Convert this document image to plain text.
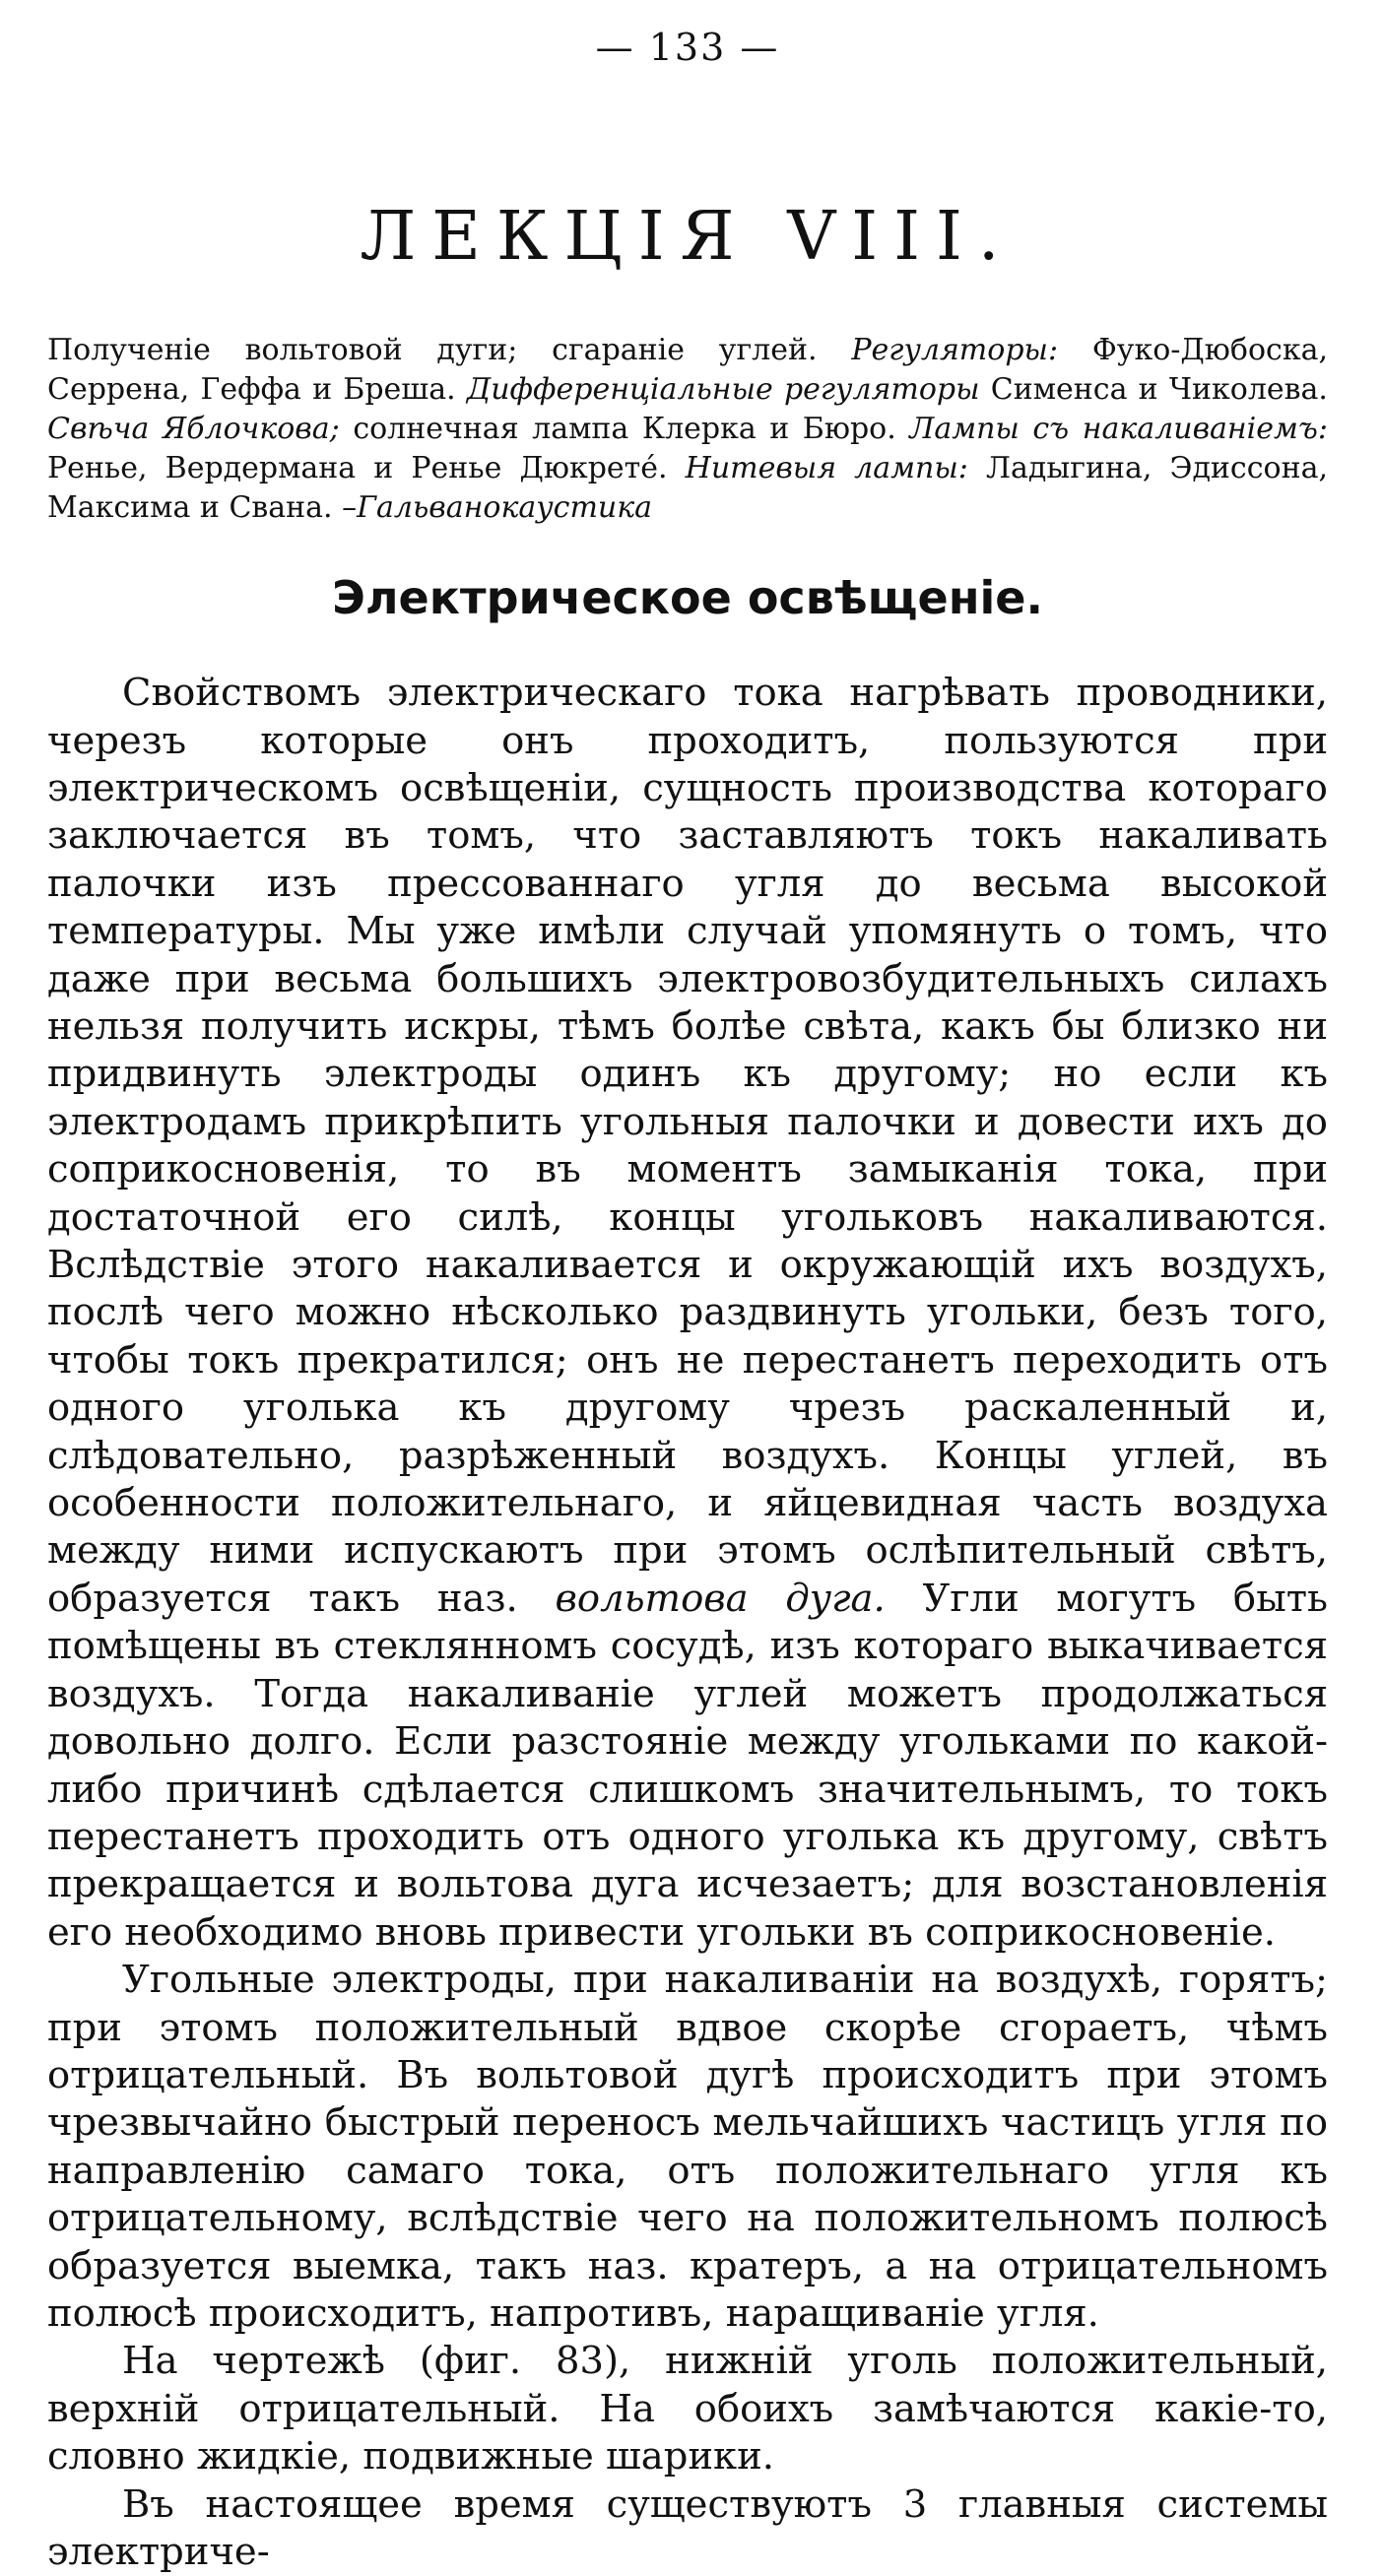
— 133 —
ЛЕКЦІЯ VIII.
Полученіе вольтовой дуги; сгараніе углей. Регуляторы: Фуко-Дюбоска, Серрена, Геффа и Бреша. Диффеpенціальные регуляторы Сименса и Чиколева. Свѣча Яблочкова; солнечная лампа Клерка и Бюро. Лампы съ накаливаніемъ: Ренье, Вердермана и Ренье Дюкретé. Нитевыя лампы: Ладыгина, Эдиссона, Максима и Свана. –Гальванокаустика
Электрическое освѣщеніе.

Свойствомъ электрическаго тока нагрѣвать проводники, черезъ которые онъ проходитъ, пользуются при электрическомъ освѣщеніи, сущность производства котораго заключается въ томъ, что заставляютъ токъ накаливать палочки изъ прессованнаго угля до весьма высокой температуры. Мы уже имѣли случай упомянуть о томъ, что даже при весьма большихъ электровозбудительныхъ силахъ нельзя получить искры, тѣмъ болѣе свѣта, какъ бы близко ни придвинуть электроды одинъ къ другому; но если къ электродамъ прикрѣпить угольныя палочки и довести ихъ до соприкосновенія, то въ моментъ замыканія тока, при достаточной его силѣ, концы угольковъ накаливаются. Вслѣдствіе этого накаливается и окружающій ихъ воздухъ, послѣ чего можно нѣсколько раздвинуть угольки, безъ того, чтобы токъ прекратился; онъ не перестанетъ переходить отъ одного уголька къ другому чрезъ раскаленный и, слѣдовательно, разрѣженный воздухъ. Концы углей, въ особенности положительнаго, и яйцевидная часть воздуха между ними испускаютъ при этомъ ослѣпительный свѣтъ, образуется такъ наз. вольтова дуга. Угли могутъ быть помѣщены въ стеклянномъ сосудѣ, изъ котораго выкачивается воздухъ. Тогда накаливаніе углей можетъ продолжаться довольно долго. Если разстояніе между угольками по какой-либо причинѣ сдѣлается слишкомъ значительнымъ, то токъ перестанетъ проходить отъ одного уголька къ другому, свѣтъ прекращается и вольтова дуга исчезаетъ; для возстановленія его необходимо вновь привести угольки въ соприкосновеніе.

Угольные электроды, при накаливаніи на воздухѣ, горятъ; при этомъ положительный вдвое скорѣе сгораетъ, чѣмъ отрицательный. Въ вольтовой дугѣ происходитъ при этомъ чрезвычайно быстрый переносъ мельчайшихъ частицъ угля по направленію самаго тока, отъ положительнаго угля къ отрицательному, вслѣдствіе чего на положительномъ полюсѣ образуется выемка, такъ наз. кратеръ, а на отрицательномъ полюсѣ происходитъ, напротивъ, наращиваніе угля.

На чертежѣ (фиг. 83), нижній уголь положительный, верхній отрицательный. На обоихъ замѣчаются какіе-то, словно жидкіе, подвижные шарики.

Въ настоящее время существуютъ 3 главныя системы электриче-
